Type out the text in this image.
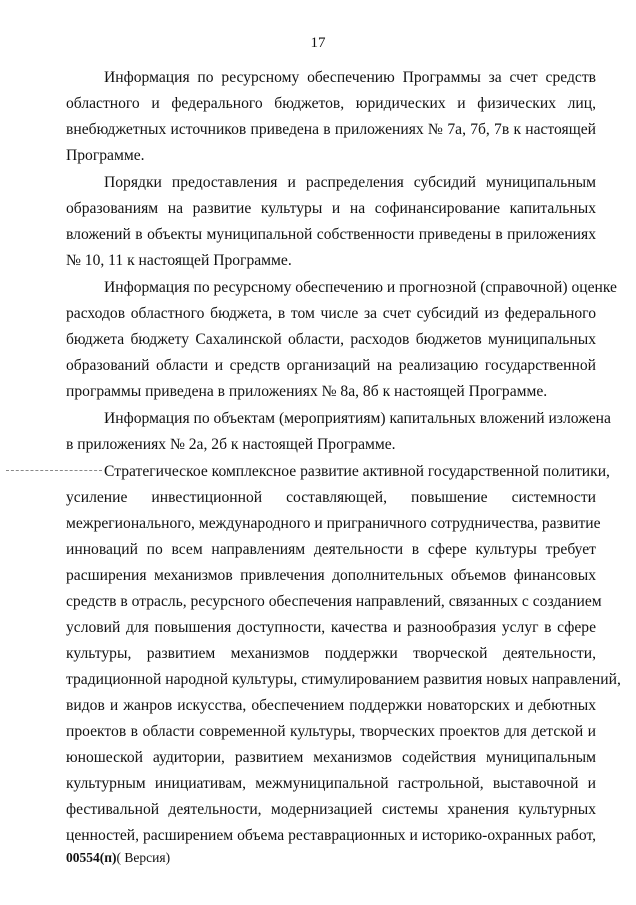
17
Информация по ресурсному обеспечению Программы за счет средств
областного и федерального бюджетов, юридических и физических лиц,
внебюджетных источников приведена в приложениях № 7а, 7б, 7в к настоящей
Программе.
Порядки предоставления и распределения субсидий муниципальным
образованиям на развитие культуры и на софинансирование капитальных
вложений в объекты муниципальной собственности приведены в приложениях
№ 10, 11 к настоящей Программе.
Информация по ресурсному обеспечению и прогнозной (справочной) оценке
расходов областного бюджета, в том числе за счет субсидий из федерального
бюджета бюджету Сахалинской области, расходов бюджетов муниципальных
образований области и средств организаций на реализацию государственной
программы приведена в приложениях № 8а, 8б к настоящей Программе.
Информация по объектам (мероприятиям) капитальных вложений изложена
в приложениях № 2а, 2б к настоящей Программе.
Стратегическое комплексное развитие активной государственной политики,
усиление инвестиционной составляющей, повышение системности
межрегионального, международного и приграничного сотрудничества, развитие
инноваций по всем направлениям деятельности в сфере культуры требует
расширения механизмов привлечения дополнительных объемов финансовых
средств в отрасль, ресурсного обеспечения направлений, связанных с созданием
условий для повышения доступности, качества и разнообразия услуг в сфере
культуры, развитием механизмов поддержки творческой деятельности,
традиционной народной культуры, стимулированием развития новых направлений,
видов и жанров искусства, обеспечением поддержки новаторских и дебютных
проектов в области современной культуры, творческих проектов для детской и
юношеской аудитории, развитием механизмов содействия муниципальным
культурным инициативам, межмуниципальной гастрольной, выставочной и
фестивальной деятельности, модернизацией системы хранения культурных
ценностей, расширением объема реставрационных и историко-охранных работ,
00554(п)( Версия)
